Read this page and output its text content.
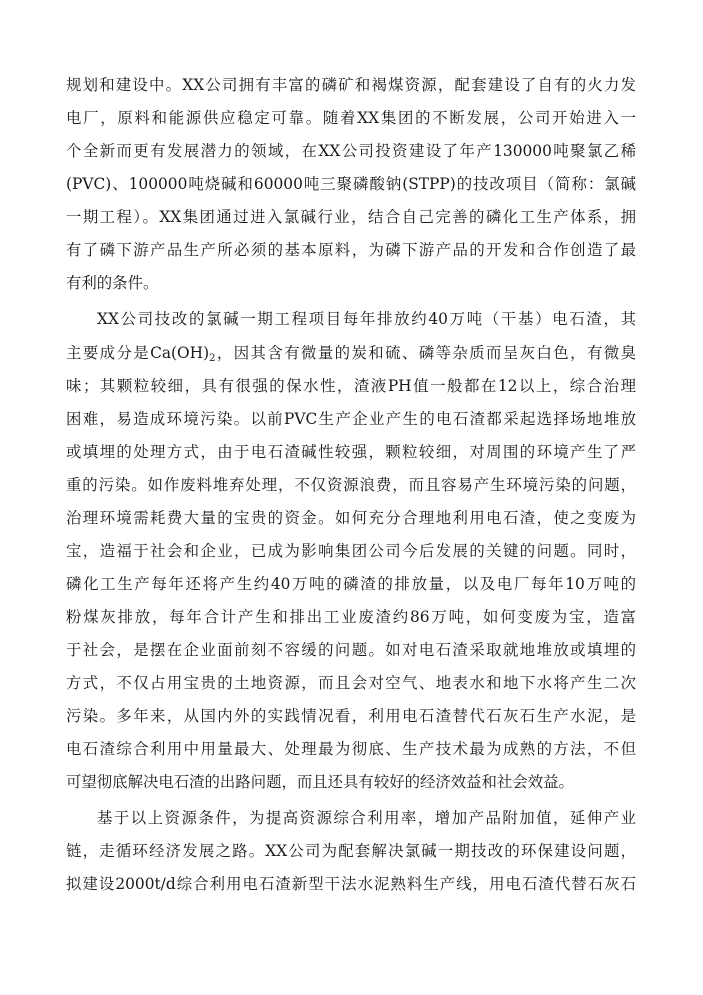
规划和建设中。XX公司拥有丰富的磷矿和褐煤资源，配套建设了自有的火力发
电厂，原料和能源供应稳定可靠。随着XX集团的不断发展，公司开始进入一
个全新而更有发展潜力的领域，在XX公司投资建设了年产130000吨聚氯乙稀
(PVC)、100000吨烧碱和60000吨三聚磷酸钠(STPP)的技改项目（简称：氯碱
一期工程）。XX集团通过进入氯碱行业，结合自己完善的磷化工生产体系，拥
有了磷下游产品生产所必须的基本原料，为磷下游产品的开发和合作创造了最
有利的条件。
XX公司技改的氯碱一期工程项目每年排放约40万吨（干基）电石渣，其
主要成分是$Ca(OH)_2$，因其含有微量的炭和硫、磷等杂质而呈灰白色，有微臭
味；其颗粒较细，具有很强的保水性，渣液PH值一般都在12以上，综合治理
困难，易造成环境污染。以前PVC生产企业产生的电石渣都采起选择场地堆放
或填埋的处理方式，由于电石渣碱性较强，颗粒较细，对周围的环境产生了严
重的污染。如作废料堆弃处理，不仅资源浪费，而且容易产生环境污染的问题，
治理环境需耗费大量的宝贵的资金。如何充分合理地利用电石渣，使之变废为
宝，造福于社会和企业，已成为影响集团公司今后发展的关键的问题。同时，
磷化工生产每年还将产生约40万吨的磷渣的排放量，以及电厂每年10万吨的
粉煤灰排放，每年合计产生和排出工业废渣约86万吨，如何变废为宝，造富
于社会，是摆在企业面前刻不容缓的问题。如对电石渣采取就地堆放或填埋的
方式，不仅占用宝贵的土地资源，而且会对空气、地表水和地下水将产生二次
污染。多年来，从国内外的实践情况看，利用电石渣替代石灰石生产水泥，是
电石渣综合利用中用量最大、处理最为彻底、生产技术最为成熟的方法，不但
可望彻底解决电石渣的出路问题，而且还具有较好的经济效益和社会效益。
基于以上资源条件，为提高资源综合利用率，增加产品附加值，延伸产业
链，走循环经济发展之路。XX公司为配套解决氯碱一期技改的环保建设问题，
拟建设2000t/d综合利用电石渣新型干法水泥熟料生产线，用电石渣代替石灰石
